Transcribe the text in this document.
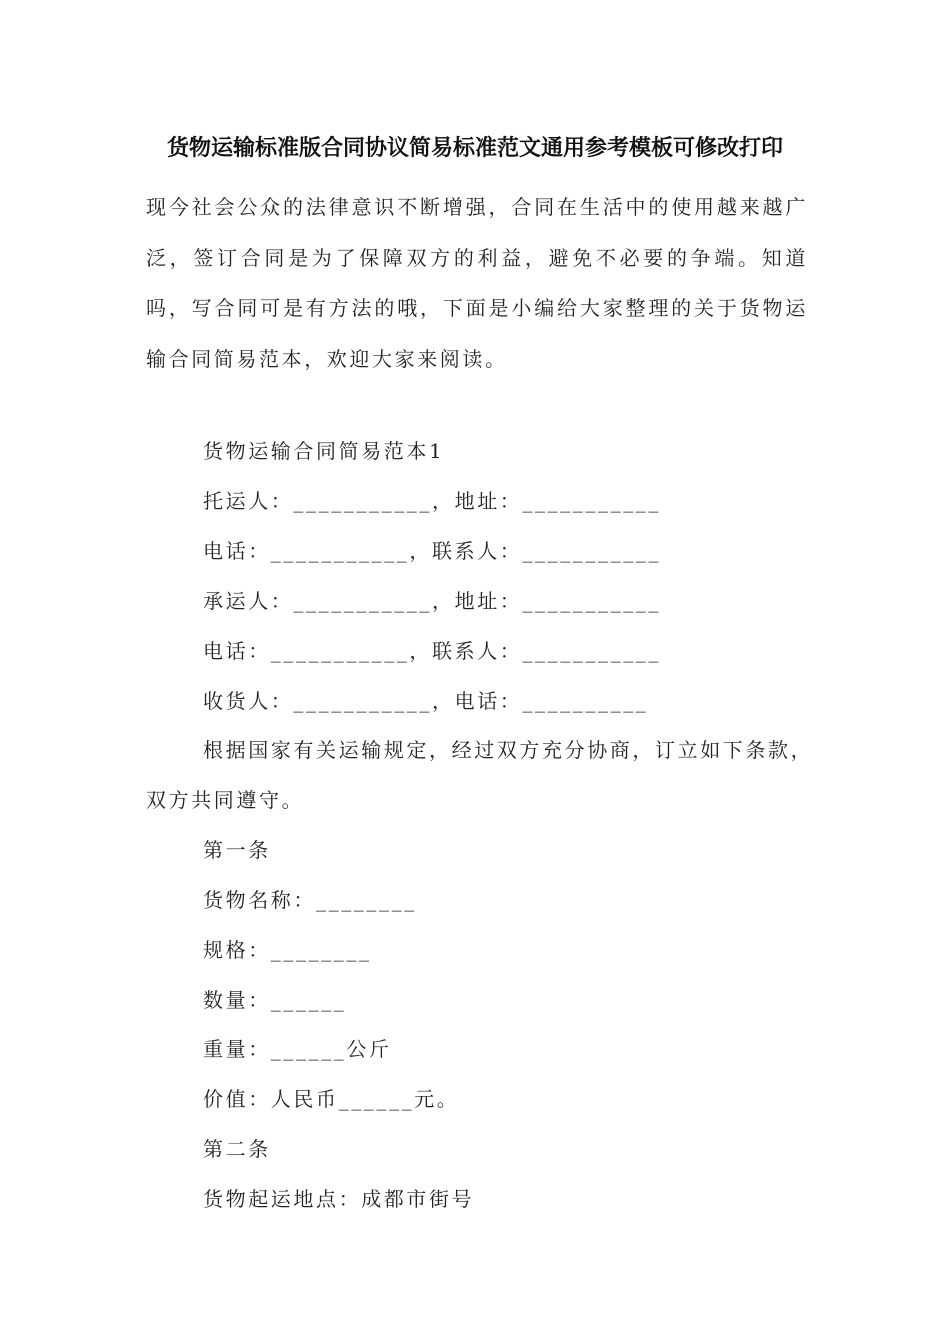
货物运输标准版合同协议简易标准范文通用参考模板可修改打印
现今社会公众的法律意识不断增强，合同在生活中的使用越来越广泛，签订合同是为了保障双方的利益，避免不必要的争端。知道吗，写合同可是有方法的哦，下面是小编给大家整理的关于货物运输合同简易范本，欢迎大家来阅读。
货物运输合同简易范本1
托运人：___________，地址：___________
电话：___________，联系人：___________
承运人：___________，地址：___________
电话：___________，联系人：___________
收货人：___________，电话：__________
根据国家有关运输规定，经过双方充分协商，订立如下条款，
双方共同遵守。
第一条
货物名称：________
规格：________
数量：______
重量：______公斤
价值：人民币______元。
第二条
货物起运地点：成都市街号
